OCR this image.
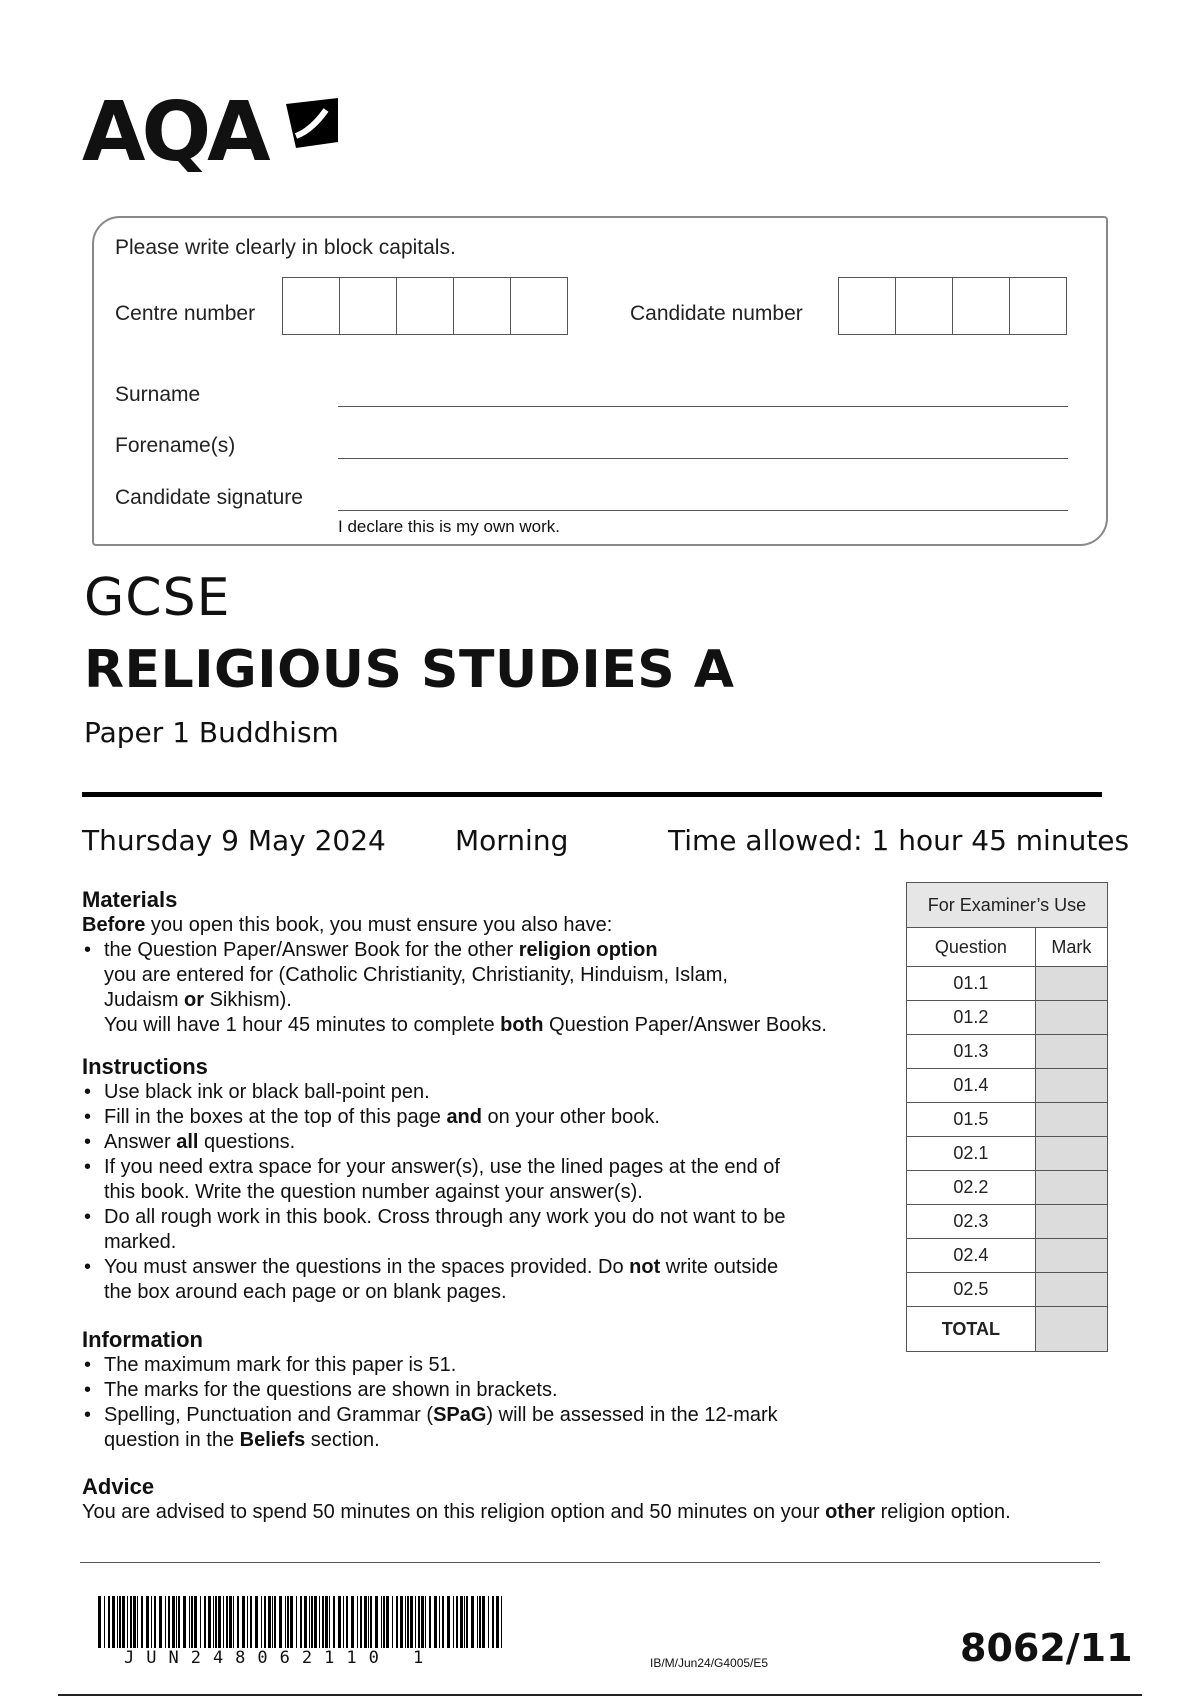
AQA
Please write clearly in block capitals.
Centre number	Candidate number
Surname
Forename(s)
Candidate signature
I declare this is my own work.
GCSE
RELIGIOUS STUDIES A
Paper 1 Buddhism
Thursday 9 May 2024 Morning	Time allowed: 1 hour 45 minutes
Materials

Before you open this book, you must ensure you also have:

• the Question Paper/Answer Book for the other religion option
you are entered for (Catholic Christianity, Christianity, Hinduism, Islam,
Judaism or Sikhism).
You will have 1 hour 45 minutes to complete both Question Paper/Answer Books.
Instructions
• Use black ink or black ball-point pen.
• Fill in the boxes at the top of this page and on your other book.
• Answer all questions.
• If you need extra space for your answer(s), use the lined pages at the end of
this book. Write the question number against your answer(s).
• Do all rough work in this book. Cross through any work you do not want to be
marked.
• You must answer the questions in the spaces provided. Do not write outside
the box around each page or on blank pages.
Information
• The maximum mark for this paper is 51.
• The marks for the questions are shown in brackets.
• Spelling, Punctuation and Grammar (SPaG) will be assessed in the 12-mark
question in the Beliefs section.
Advice

You are advised to spend 50 minutes on this religion option and 50 minutes on your other religion option.

For Examiner’s Use	
Question	Mark
01.1	
01.2	
01.3	
01.4	
01.5	
02.1	
02.2	
02.3	
02.4	
02.5	
TOTAL	
JUN248062110 1	IB/M/Jun24/G4005/E5	8062/11
